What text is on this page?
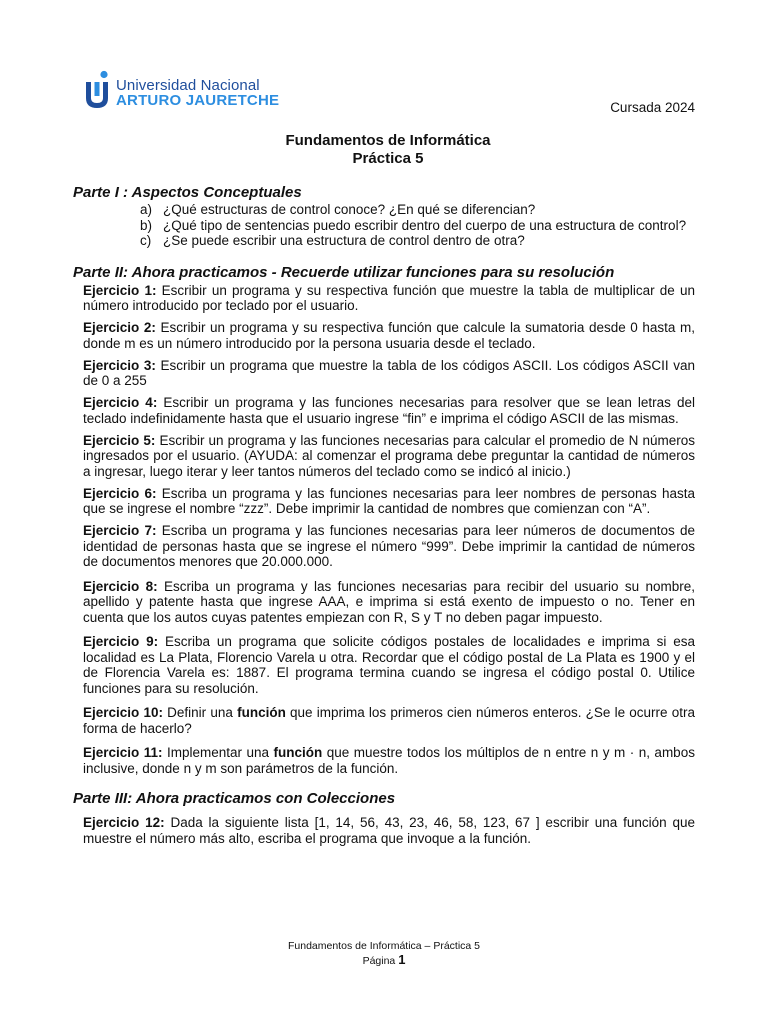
Universidad Nacional
ARTURO JAURETCHE	Cursada 2024
Fundamentos de Informática
Práctica 5
Parte I : Aspectos Conceptuales
a) ¿Qué estructuras de control conoce? ¿En qué se diferencian?
b) ¿Qué tipo de sentencias puedo escribir dentro del cuerpo de una estructura de control?
c) ¿Se puede escribir una estructura de control dentro de otra?
Parte II: Ahora practicamos - Recuerde utilizar funciones para su resolución

Ejercicio 1: Escribir un programa y su respectiva función que muestre la tabla de multiplicar de un número introducido por teclado por el usuario.

Ejercicio 2: Escribir un programa y su respectiva función que calcule la sumatoria desde 0 hasta m, donde m es un número introducido por la persona usuaria desde el teclado.

Ejercicio 3: Escribir un programa que muestre la tabla de los códigos ASCII. Los códigos ASCII van de 0 a 255

Ejercicio 4: Escribir un programa y las funciones necesarias para resolver que se lean letras del teclado indefinidamente hasta que el usuario ingrese “fin” e imprima el código ASCII de las mismas.

Ejercicio 5: Escribir un programa y las funciones necesarias para calcular el promedio de N números ingresados por el usuario. (AYUDA: al comenzar el programa debe preguntar la cantidad de números a ingresar, luego iterar y leer tantos números del teclado como se indicó al inicio.)

Ejercicio 6: Escriba un programa y las funciones necesarias para leer nombres de personas hasta que se ingrese el nombre “zzz”. Debe imprimir la cantidad de nombres que comienzan con “A”.

Ejercicio 7: Escriba un programa y las funciones necesarias para leer números de documentos de identidad de personas hasta que se ingrese el número “999”. Debe imprimir la cantidad de números de documentos menores que 20.000.000.

Ejercicio 8: Escriba un programa y las funciones necesarias para recibir del usuario su nombre, apellido y patente hasta que ingrese AAA, e imprima si está exento de impuesto o no. Tener en cuenta que los autos cuyas patentes empiezan con R, S y T no deben pagar impuesto.

Ejercicio 9: Escriba un programa que solicite códigos postales de localidades e imprima si esa localidad es La Plata, Florencio Varela u otra. Recordar que el código postal de La Plata es 1900 y el de Florencia Varela es: 1887. El programa termina cuando se ingresa el código postal 0. Utilice funciones para su resolución.

Ejercicio 10: Definir una función que imprima los primeros cien números enteros. ¿Se le ocurre otra forma de hacerlo?

Ejercicio 11: Implementar una función que muestre todos los múltiplos de n entre n y m · n, ambos inclusive, donde n y m son parámetros de la función.

Parte III: Ahora practicamos con Colecciones

Ejercicio 12: Dada la siguiente lista [1, 14, 56, 43, 23, 46, 58, 123, 67 ] escribir una función que muestre el número más alto, escriba el programa que invoque a la función.

Fundamentos de Informática – Práctica 5
Página 1
